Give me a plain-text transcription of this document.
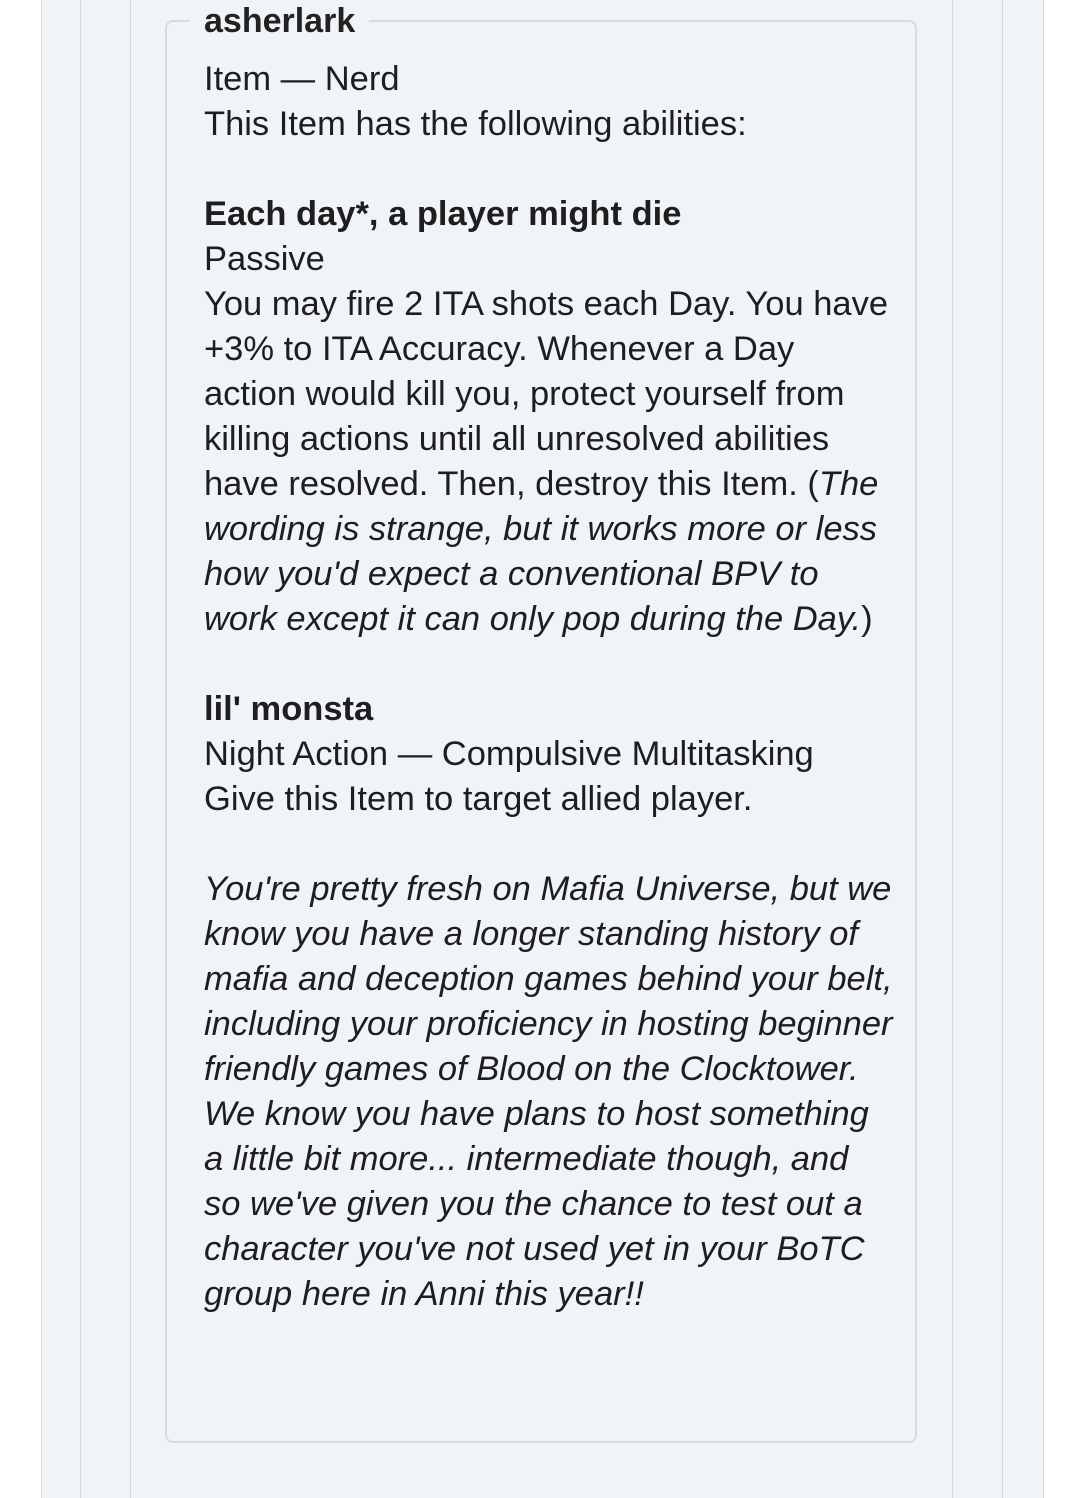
asherlark

Item — Nerd

This Item has the following abilities:

Each day*, a player might die

Passive

You may fire 2 ITA shots each Day. You have +3% to ITA Accuracy. Whenever a Day action would kill you, protect yourself from killing actions until all unresolved abilities have resolved. Then, destroy this Item. (The wording is strange, but it works more or less how you'd expect a conventional BPV to work except it can only pop during the Day.)

lil' monsta

Night Action — Compulsive Multitasking

Give this Item to target allied player.

You're pretty fresh on Mafia Universe, but we know you have a longer standing history of mafia and deception games behind your belt, including your proficiency in hosting beginner friendly games of Blood on the Clocktower. We know you have plans to host something a little bit more... intermediate though, and so we've given you the chance to test out a character you've not used yet in your BoTC group here in Anni this year!!
